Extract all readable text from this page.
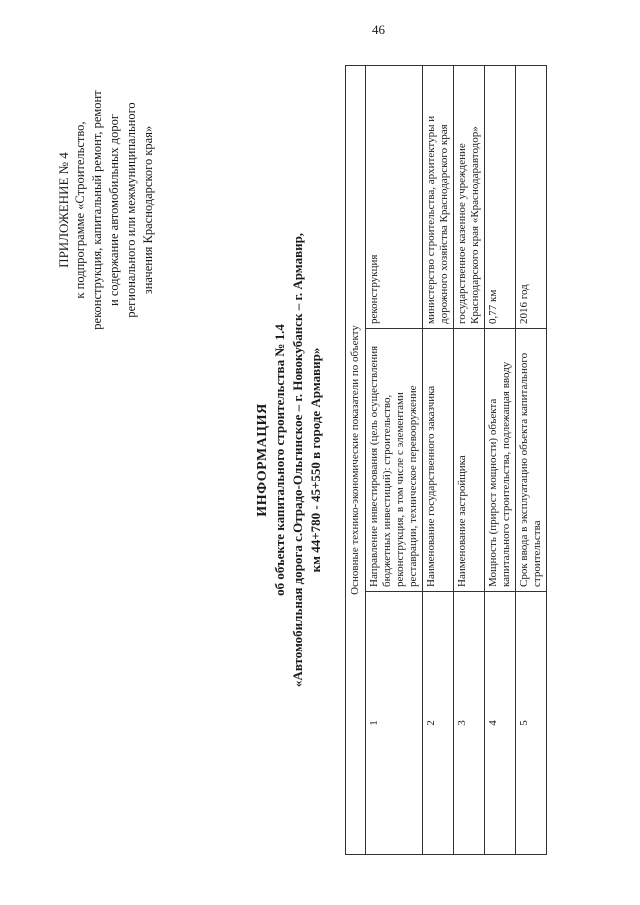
46
ПРИЛОЖЕНИЕ № 4 к подпрограмме «Строительство, реконструкция, капитальный ремонт, ремонт и содержание автомобильных дорог регионального или межмуниципального значения Краснодарского края»
ИНФОРМАЦИЯ об объекте капитального строительства № 1.4 «Автомобильная дорога с.Отрадо-Ольгинское – г. Новокубанск – г. Армавир, км 44+780 - 45+550 в городе Армавир» Основные технико-экономические показатели по объекту		
1	Направление инвестирования (цель осуществления бюджетных инвестиций): строительство, реконструкция, в том числе с элементами реставрации, техническое перевооружение	реконструкция
2	Наименование государственного заказчика	министерство строительства, архитектуры и дорожного хозяйства Краснодарского края
3	Наименование застройщика	государственное казенное учреждение Краснодарского края «Краснодаравтодор»
4	Мощность (прирост мощности) объекта капитального строительства, подлежащая вводу	0,77 км
5	Срок ввода в эксплуатацию объекта капитального строительства	2016 год
